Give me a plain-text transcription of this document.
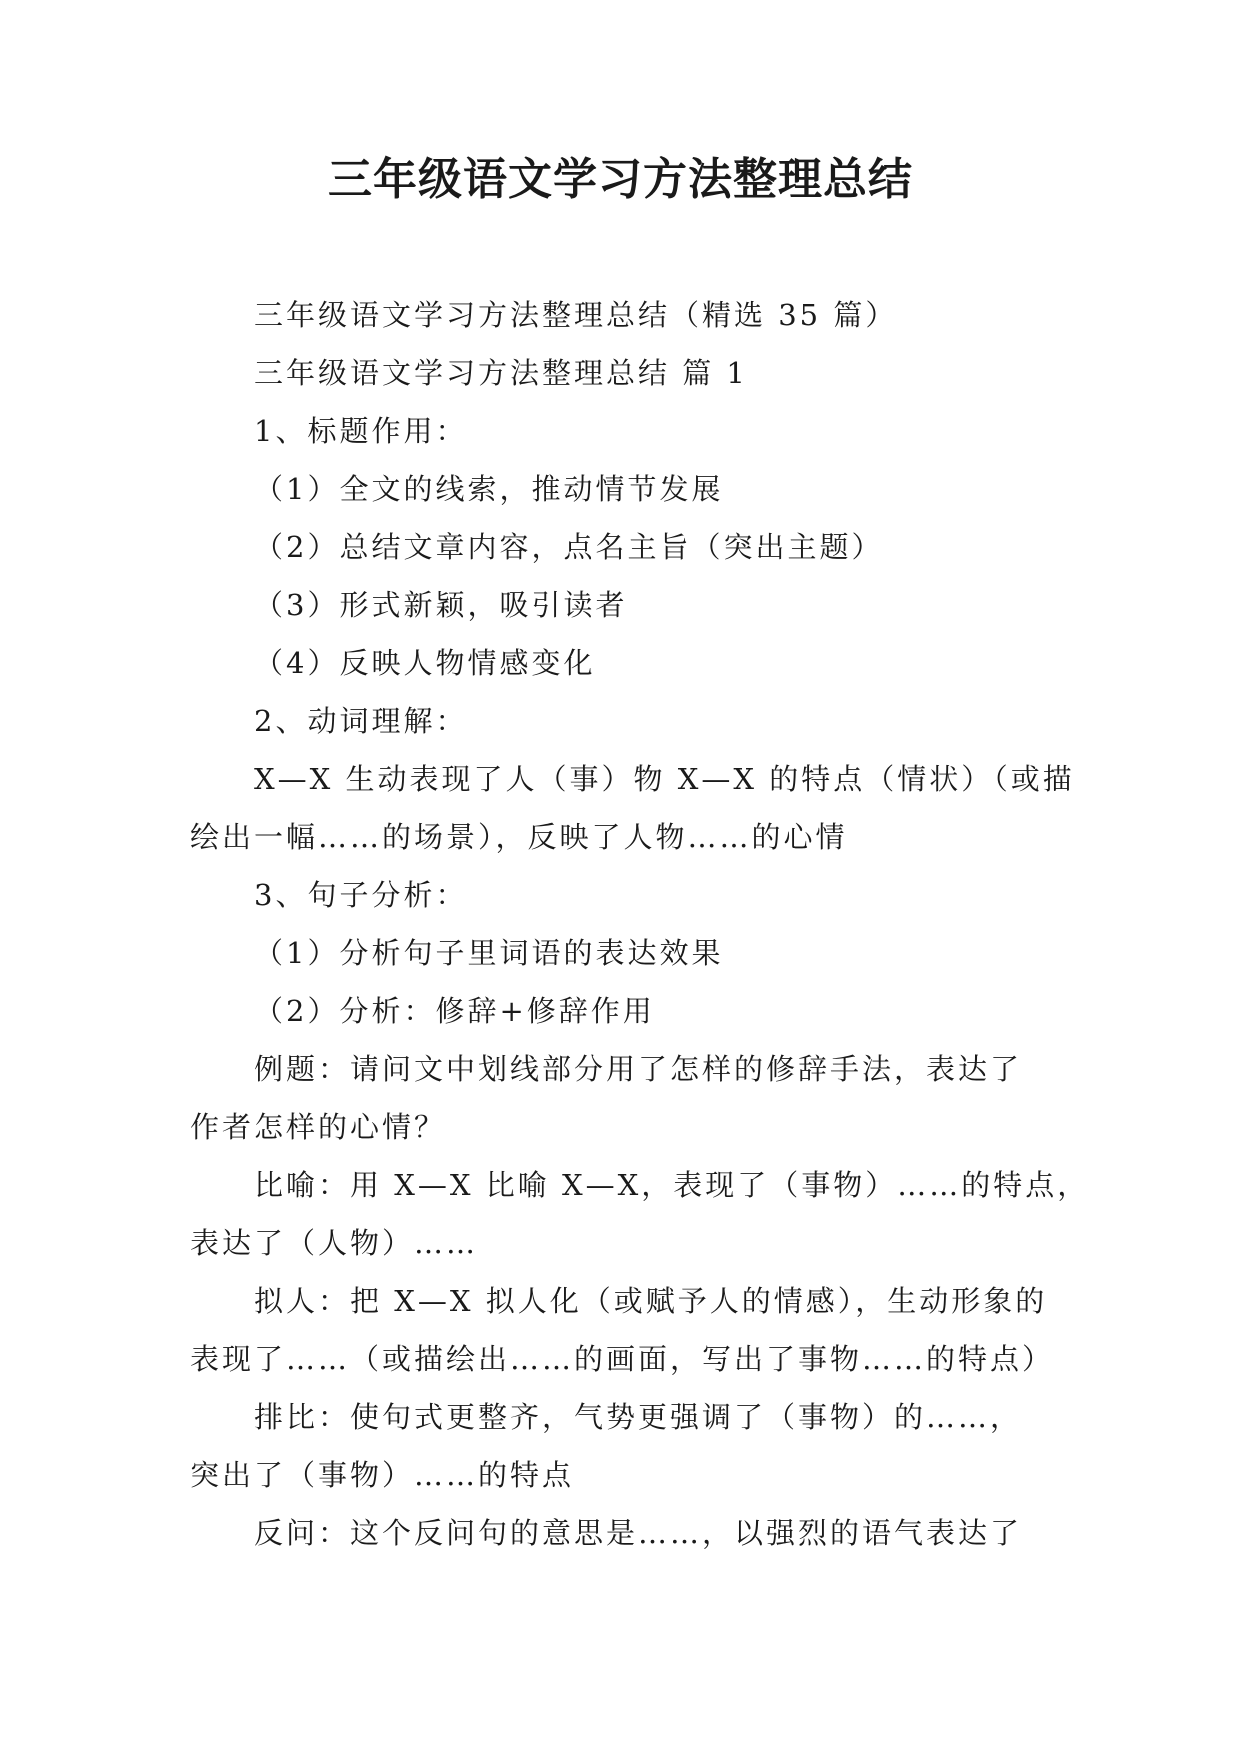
三年级语文学习方法整理总结
三年级语文学习方法整理总结（精选 35 篇）
三年级语文学习方法整理总结 篇 1
1、标题作用：
（1）全文的线索，推动情节发展
（2）总结文章内容，点名主旨（突出主题）
（3）形式新颖，吸引读者
（4）反映人物情感变化
2、动词理解：
X—X 生动表现了人（事）物 X—X 的特点（情状）（或描
绘出一幅……的场景），反映了人物……的心情
3、句子分析：
（1）分析句子里词语的表达效果
（2）分析：修辞+修辞作用
例题：请问文中划线部分用了怎样的修辞手法，表达了
作者怎样的心情？
比喻：用 X—X 比喻 X—X，表现了（事物）……的特点，
表达了（人物）……
拟人：把 X—X 拟人化（或赋予人的情感），生动形象的
表现了……（或描绘出……的画面，写出了事物……的特点）
排比：使句式更整齐，气势更强调了（事物）的……，
突出了（事物）……的特点
反问：这个反问句的意思是……，以强烈的语气表达了
